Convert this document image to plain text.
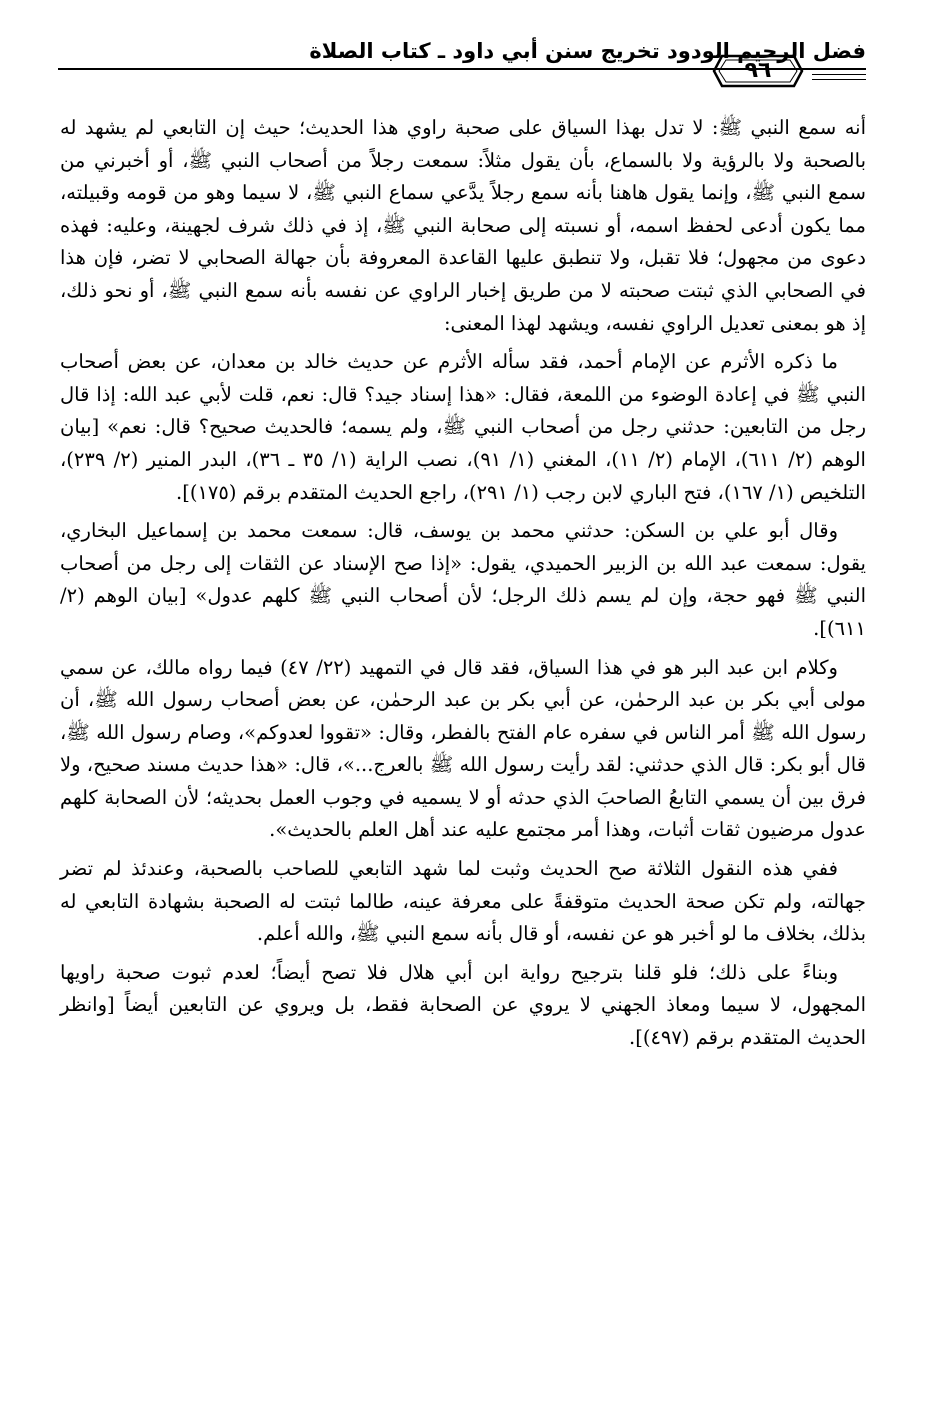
فضل الرحيم الودود تخريج سنن أبي داود ـ كتاب الصلاة
٩٦

أنه سمع النبي ﷺ: لا تدل بهذا السياق على صحبة راوي هذا الحديث؛ حيث إن التابعي لم يشهد له بالصحبة ولا بالرؤية ولا بالسماع، بأن يقول مثلاً: سمعت رجلاً من أصحاب النبي ﷺ، أو أخبرني من سمع النبي ﷺ، وإنما يقول هاهنا بأنه سمع رجلاً يدَّعي سماع النبي ﷺ، لا سيما وهو من قومه وقبيلته، مما يكون أدعى لحفظ اسمه، أو نسبته إلى صحابة النبي ﷺ، إذ في ذلك شرف لجهينة، وعليه: فهذه دعوى من مجهول؛ فلا تقبل، ولا تنطبق عليها القاعدة المعروفة بأن جهالة الصحابي لا تضر، فإن هذا في الصحابي الذي ثبتت صحبته لا من طريق إخبار الراوي عن نفسه بأنه سمع النبي ﷺ، أو نحو ذلك، إذ هو بمعنى تعديل الراوي نفسه، ويشهد لهذا المعنى:

ما ذكره الأثرم عن الإمام أحمد، فقد سأله الأثرم عن حديث خالد بن معدان، عن بعض أصحاب النبي ﷺ في إعادة الوضوء من اللمعة، فقال: «هذا إسناد جيد؟ قال: نعم، قلت لأبي عبد الله: إذا قال رجل من التابعين: حدثني رجل من أصحاب النبي ﷺ، ولم يسمه؛ فالحديث صحيح؟ قال: نعم» [بيان الوهم (٢/ ٦١١)، الإمام (٢/ ١١)، المغني (١/ ٩١)، نصب الراية (١/ ٣٥ ـ ٣٦)، البدر المنير (٢/ ٢٣٩)، التلخيص (١/ ١٦٧)، فتح الباري لابن رجب (١/ ٢٩١)، راجع الحديث المتقدم برقم (١٧٥)].

وقال أبو علي بن السكن: حدثني محمد بن يوسف، قال: سمعت محمد بن إسماعيل البخاري، يقول: سمعت عبد الله بن الزبير الحميدي، يقول: «إذا صح الإسناد عن الثقات إلى رجل من أصحاب النبي ﷺ فهو حجة، وإن لم يسم ذلك الرجل؛ لأن أصحاب النبي ﷺ كلهم عدول» [بيان الوهم (٢/ ٦١١)].

وكلام ابن عبد البر هو في هذا السياق، فقد قال في التمهيد (٢٢/ ٤٧) فيما رواه مالك، عن سمي مولى أبي بكر بن عبد الرحمٰن، عن أبي بكر بن عبد الرحمٰن، عن بعض أصحاب رسول الله ﷺ، أن رسول الله ﷺ أمر الناس في سفره عام الفتح بالفطر، وقال: «تقووا لعدوكم»، وصام رسول الله ﷺ، قال أبو بكر: قال الذي حدثني: لقد رأيت رسول الله ﷺ بالعرج...»، قال: «هذا حديث مسند صحيح، ولا فرق بين أن يسمي التابعُ الصاحبَ الذي حدثه أو لا يسميه في وجوب العمل بحديثه؛ لأن الصحابة كلهم عدول مرضيون ثقات أثبات، وهذا أمر مجتمع عليه عند أهل العلم بالحديث».

ففي هذه النقول الثلاثة صح الحديث وثبت لما شهد التابعي للصاحب بالصحبة، وعندئذ لم تضر جهالته، ولم تكن صحة الحديث متوقفةً على معرفة عينه، طالما ثبتت له الصحبة بشهادة التابعي له بذلك، بخلاف ما لو أخبر هو عن نفسه، أو قال بأنه سمع النبي ﷺ، والله أعلم.

وبناءً على ذلك؛ فلو قلنا بترجيح رواية ابن أبي هلال فلا تصح أيضاً؛ لعدم ثبوت صحبة راويها المجهول، لا سيما ومعاذ الجهني لا يروي عن الصحابة فقط، بل ويروي عن التابعين أيضاً [وانظر الحديث المتقدم برقم (٤٩٧)].
